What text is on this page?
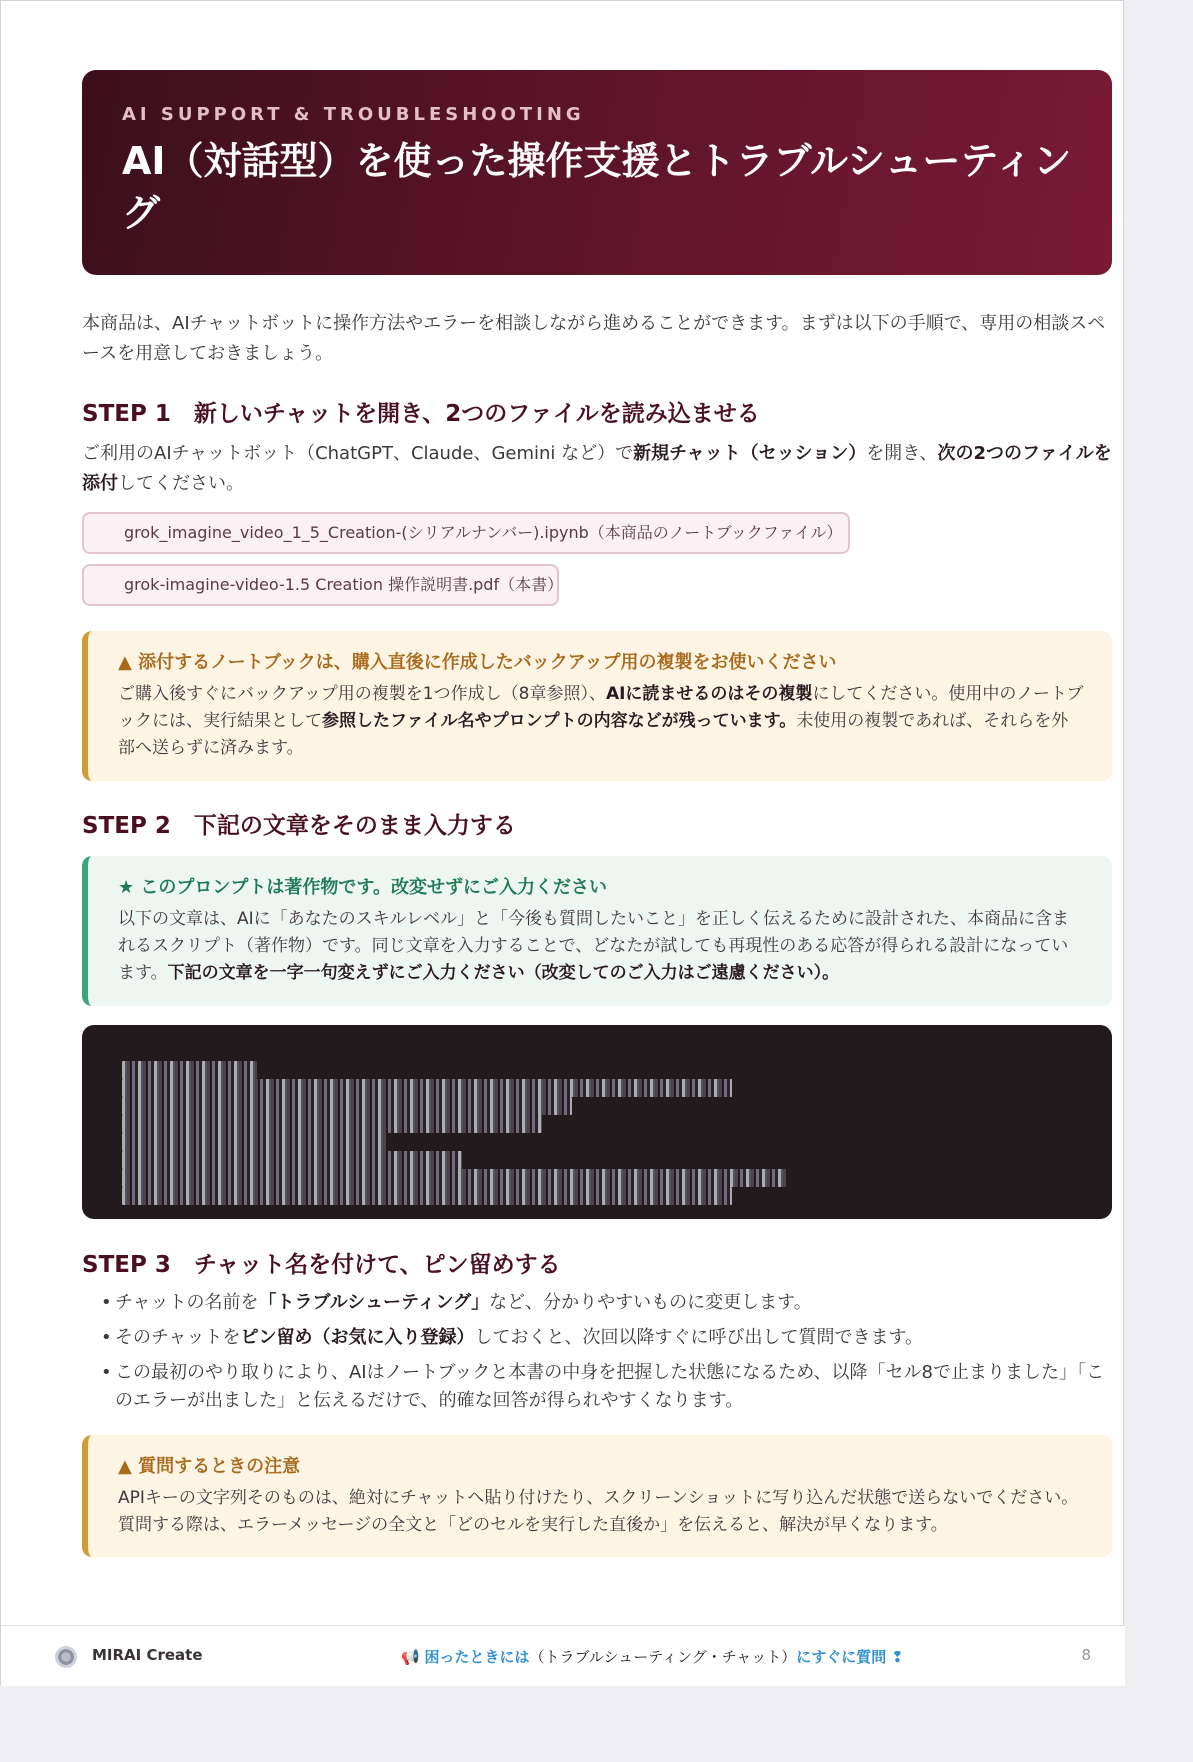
AI SUPPORT & TROUBLESHOOTING
AI（対話型）を使った操作支援とトラブルシューティング

本商品は、AIチャットボットに操作方法やエラーを相談しながら進めることができます。まずは以下の手順で、専用の相談スペースを用意しておきましょう。

STEP 1　新しいチャットを開き、2つのファイルを読み込ませる

ご利用のAIチャットボット（ChatGPT、Claude、Gemini など）で新規チャット（セッション）を開き、次の2つのファイルを添付してください。

grok_imagine_video_1_5_Creation-(シリアルナンバー).ipynb（本商品のノートブックファイル）
grok-imagine-video-1.5 Creation 操作説明書.pdf（本書）
▲ 添付するノートブックは、購入直後に作成したバックアップ用の複製をお使いください
ご購入後すぐにバックアップ用の複製を1つ作成し（8章参照）、AIに読ませるのはその複製にしてください。使用中のノートブックには、実行結果として参照したファイル名やプロンプトの内容などが残っています。未使用の複製であれば、それらを外部へ送らずに済みます。
STEP 2　下記の文章をそのまま入力する
★ このプロンプトは著作物です。改変せずにご入力ください
以下の文章は、AIに「あなたのスキルレベル」と「今後も質問したいこと」を正しく伝えるために設計された、本商品に含まれるスクリプト（著作物）です。同じ文章を入力することで、どなたが試しても再現性のある応答が得られる設計になっています。下記の文章を一字一句変えずにご入力ください（改変してのご入力はご遠慮ください）。
STEP 3　チャット名を付けて、ピン留めする
• チャットの名前を「トラブルシューティング」など、分かりやすいものに変更します。
• そのチャットをピン留め（お気に入り登録）しておくと、次回以降すぐに呼び出して質問できます。
• この最初のやり取りにより、AIはノートブックと本書の中身を把握した状態になるため、以降「セル8で止まりました」「このエラーが出ました」と伝えるだけで、的確な回答が得られやすくなります。
▲ 質問するときの注意
APIキーの文字列そのものは、絶対にチャットへ貼り付けたり、スクリーンショットに写り込んだ状態で送らないでください。質問する際は、エラーメッセージの全文と「どのセルを実行した直後か」を伝えると、解決が早くなります。
MIRAI Create	📢 困ったときには（トラブルシューティング・チャット）にすぐに質問 ❢	8
